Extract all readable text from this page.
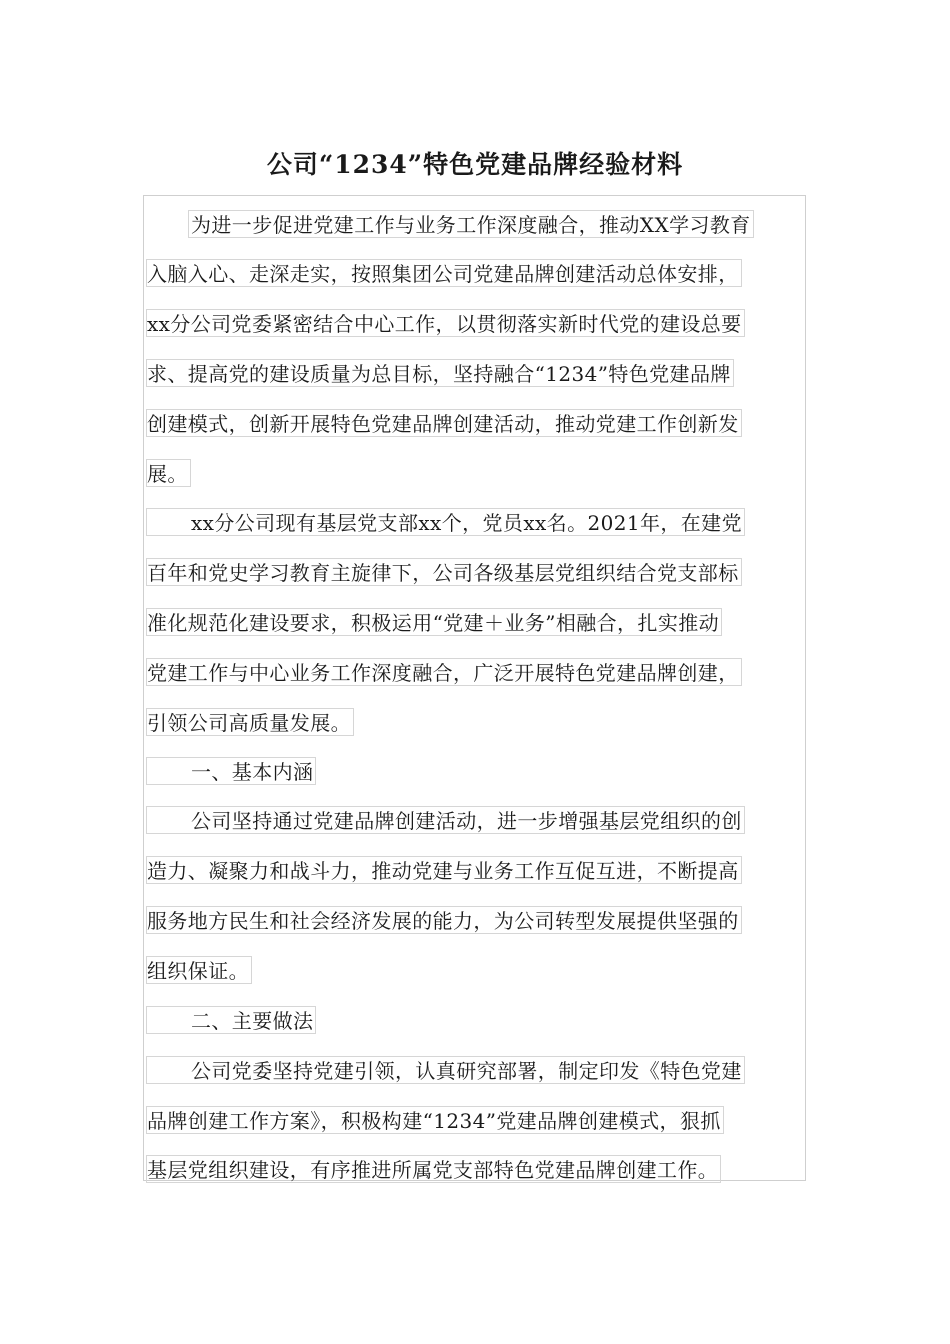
公司“1234”特色党建品牌经验材料
为进一步促进党建工作与业务工作深度融合，推动XX学习教育
入脑入心、走深走实，按照集团公司党建品牌创建活动总体安排，
xx分公司党委紧密结合中心工作，以贯彻落实新时代党的建设总要
求、提高党的建设质量为总目标，坚持融合“1234”特色党建品牌
创建模式，创新开展特色党建品牌创建活动，推动党建工作创新发
展。
xx分公司现有基层党支部xx个，党员xx名。2021年，在建党
百年和党史学习教育主旋律下，公司各级基层党组织结合党支部标
准化规范化建设要求，积极运用“党建＋业务”相融合，扎实推动
党建工作与中心业务工作深度融合，广泛开展特色党建品牌创建，
引领公司高质量发展。
一、基本内涵
公司坚持通过党建品牌创建活动，进一步增强基层党组织的创
造力、凝聚力和战斗力，推动党建与业务工作互促互进，不断提高
服务地方民生和社会经济发展的能力，为公司转型发展提供坚强的
组织保证。
二、主要做法
公司党委坚持党建引领，认真研究部署，制定印发《特色党建
品牌创建工作方案》，积极构建“1234”党建品牌创建模式，狠抓
基层党组织建设，有序推进所属党支部特色党建品牌创建工作。
